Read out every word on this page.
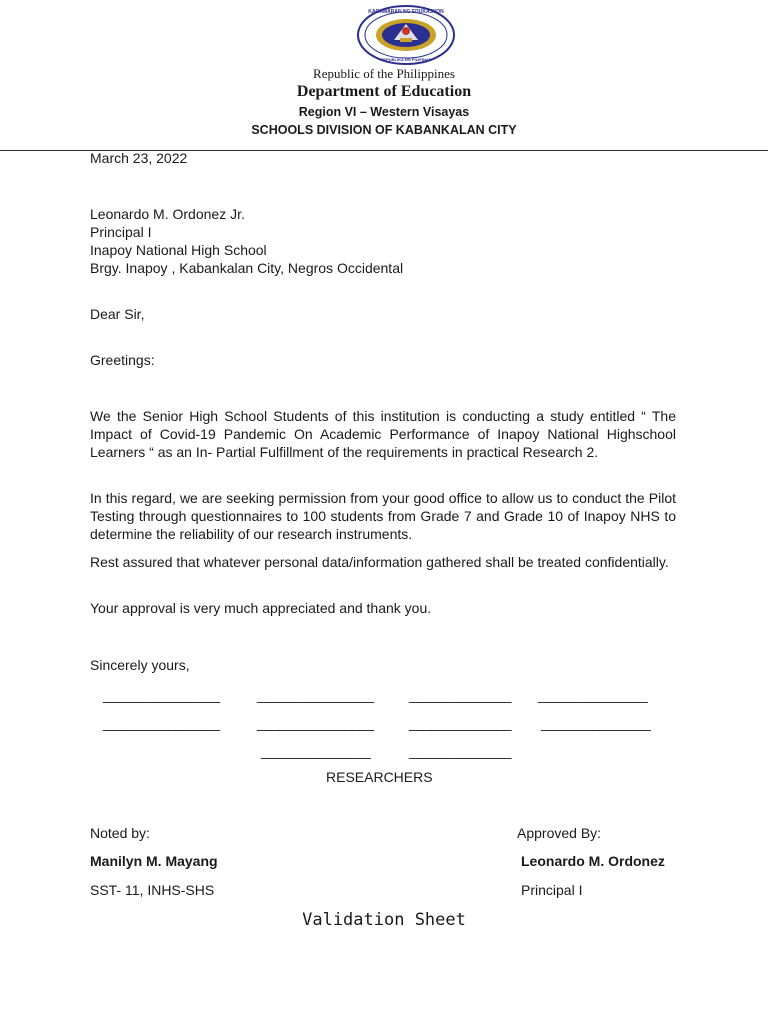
KAGAWARAN NG EDUKASYON
REPUBLIKA NG PILIPINAS
Republic of the Philippines
Department of Education
Region VI – Western Visayas
SCHOOLS DIVISION OF KABANKALAN CITY
March 23, 2022
Leonardo M. Ordonez Jr.
Principal I
Inapoy National High School
Brgy. Inapoy , Kabankalan City, Negros Occidental
Dear Sir,
Greetings:
We the Senior High School Students of this institution is conducting a study entitled “ The Impact of Covid-19 Pandemic On Academic Performance of Inapoy National Highschool Learners “ as an In- Partial Fulfillment of the requirements in practical Research 2.
In this regard, we are seeking permission from your good office to allow us to conduct the Pilot Testing through questionnaires to 100 students from Grade 7 and Grade 10 of Inapoy NHS to determine the reliability of our research instruments.
Rest assured that whatever personal data/information gathered shall be treated confidentially.
Your approval is very much appreciated and thank you.
Sincerely yours,
________________	________________	______________ _______________
________________	________________	______________ _______________
_______________	______________
RESEARCHERS
Noted by:	Approved By:
Manilyn M. Mayang	Leonardo M. Ordonez
SST- 11, INHS-SHS	Principal I
Validation Sheet
